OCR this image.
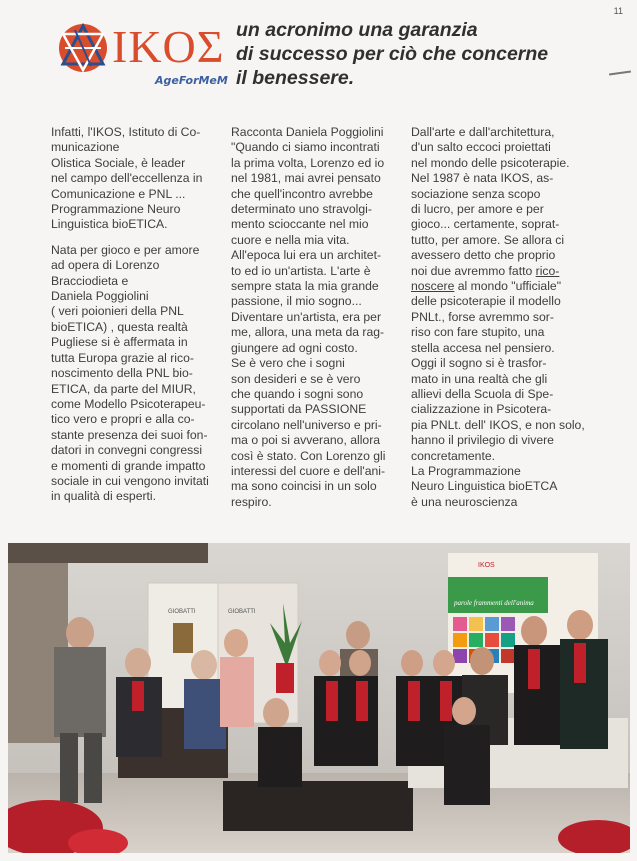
11
IKOΣ
AgeForMeM
un acronimo una garanzia
di successo per ciò che concerne
il benessere.

Infatti, l'IKOS, Istituto di Co-
municazione
Olistica Sociale, è leader
nel campo dell'eccellenza in
Comunicazione e PNL ...
Programmazione Neuro
Linguistica bioETICA.

Nata per gioco e per amore
ad opera di Lorenzo
Bracciodieta e
Daniela Poggiolini
( veri poionieri della PNL
bioETICA) , questa realtà
Pugliese si è affermata in
tutta Europa grazie al rico-
noscimento della PNL bio-
ETICA, da parte del MIUR,
come Modello Psicoterapeu-
tico vero e propri e alla co-
stante presenza dei suoi fon-
datori in convegni congressi
e momenti di grande impatto
sociale in cui vengono invitati
in qualità di esperti.

Racconta Daniela Poggiolini
"Quando ci siamo incontrati
la prima volta, Lorenzo ed io
nel 1981, mai avrei pensato
che quell'incontro avrebbe
determinato uno stravolgi-
mento scioccante nel mio
cuore e nella mia vita.
All'epoca lui era un architet-
to ed io un'artista. L'arte è
sempre stata la mia grande
passione, il mio sogno...
Diventare un'artista, era per
me, allora, una meta da rag-
giungere ad ogni costo.
Se è vero che i sogni
son desideri e se è vero
che quando i sogni sono
supportati da PASSIONE
circolano nell'universo e pri-
ma o poi si avverano, allora
così è stato. Con Lorenzo gli
interessi del cuore e dell'ani-
ma sono coincisi in un solo
respiro.

Dall'arte e dall'architettura,
d'un salto eccoci proiettati
nel mondo delle psicoterapie.
Nel 1987 è nata IKOS, as-
sociazione senza scopo
di lucro, per amore e per
gioco... certamente, soprat-
tutto, per amore. Se allora ci
avessero detto che proprio
noi due avremmo fatto rico-
noscere al mondo "ufficiale"
delle psicoterapie il modello
PNLt., forse avremmo sor-
riso con fare stupito, una
stella accesa nel pensiero.
Oggi il sogno si è trasfor-
mato in una realtà che gli
allievi della Scuola di Spe-
cializzazione in Psicotera-
pia PNLt. dell' IKOS, e non solo,
hanno il privilegio di vivere
concretamente.
La Programmazione
Neuro Linguistica bioETCA
è una neuroscienza

GIOBATTI	GIOBATTI
IKOS
parole frammenti dell'anima
